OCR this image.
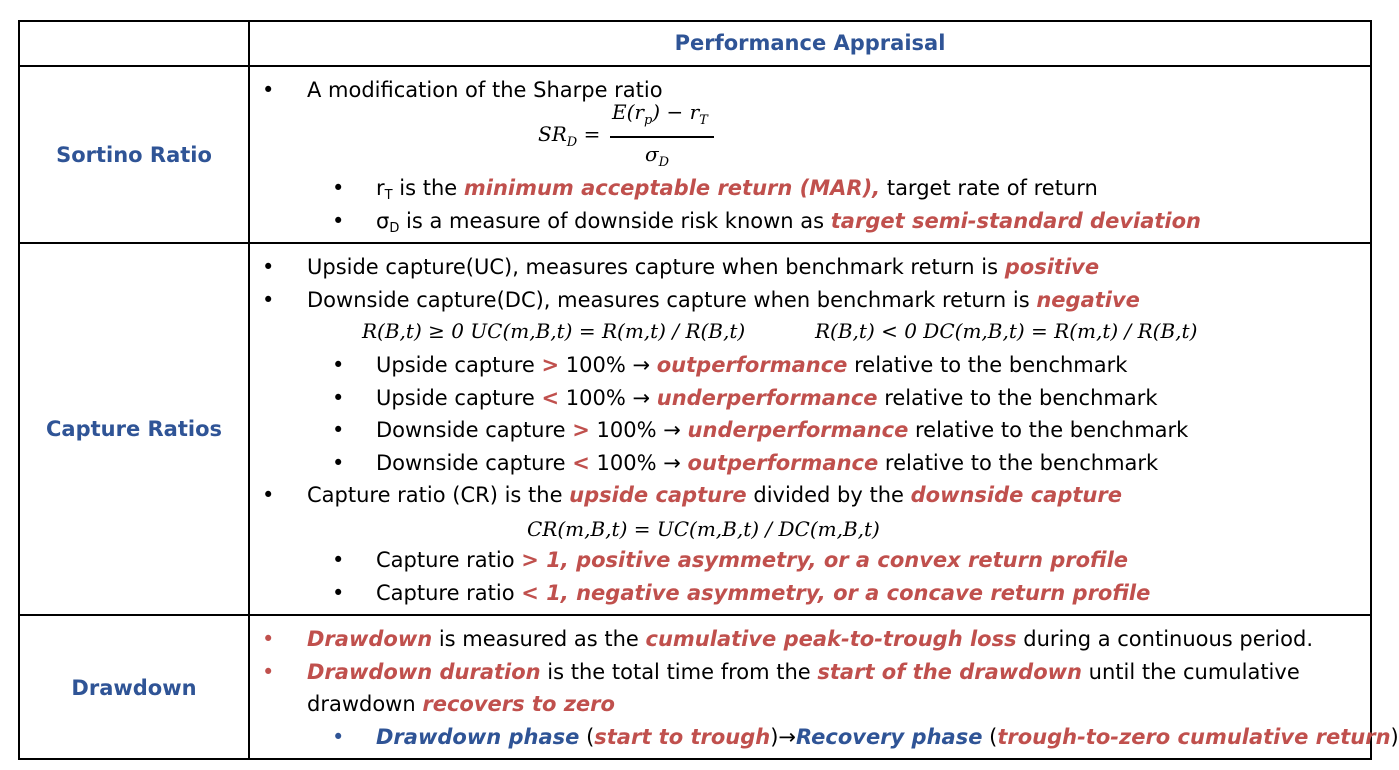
Performance Appraisal
Sortino Ratio
Capture Ratios
Drawdown
• A modification of the Sharpe ratio
$SR_D$ =
$E(r_p) - r_T$
$\sigma_D$
• rT is the minimum acceptable return (MAR), target rate of return
• σD is a measure of downside risk known as target semi-standard deviation
• Upside capture(UC), measures capture when benchmark return is positive
• Downside capture(DC), measures capture when benchmark return is negative
R(B,t) ≥ 0 UC(m,B,t) = R(m,t) / R(B,t)	R(B,t) < 0 DC(m,B,t) = R(m,t) / R(B,t)
• Upside capture > 100% → outperformance relative to the benchmark
• Upside capture < 100% → underperformance relative to the benchmark
• Downside capture > 100% → underperformance relative to the benchmark
• Downside capture < 100% → outperformance relative to the benchmark
• Capture ratio (CR) is the upside capture divided by the downside capture
CR(m,B,t) = UC(m,B,t) / DC(m,B,t)
• Capture ratio > 1, positive asymmetry, or a convex return profile
• Capture ratio < 1, negative asymmetry, or a concave return profile
• Drawdown is measured as the cumulative peak-to-trough loss during a continuous period.
• Drawdown duration is the total time from the start of the drawdown until the cumulative
drawdown recovers to zero
• Drawdown phase (start to trough)→Recovery phase (trough-to-zero cumulative return)
